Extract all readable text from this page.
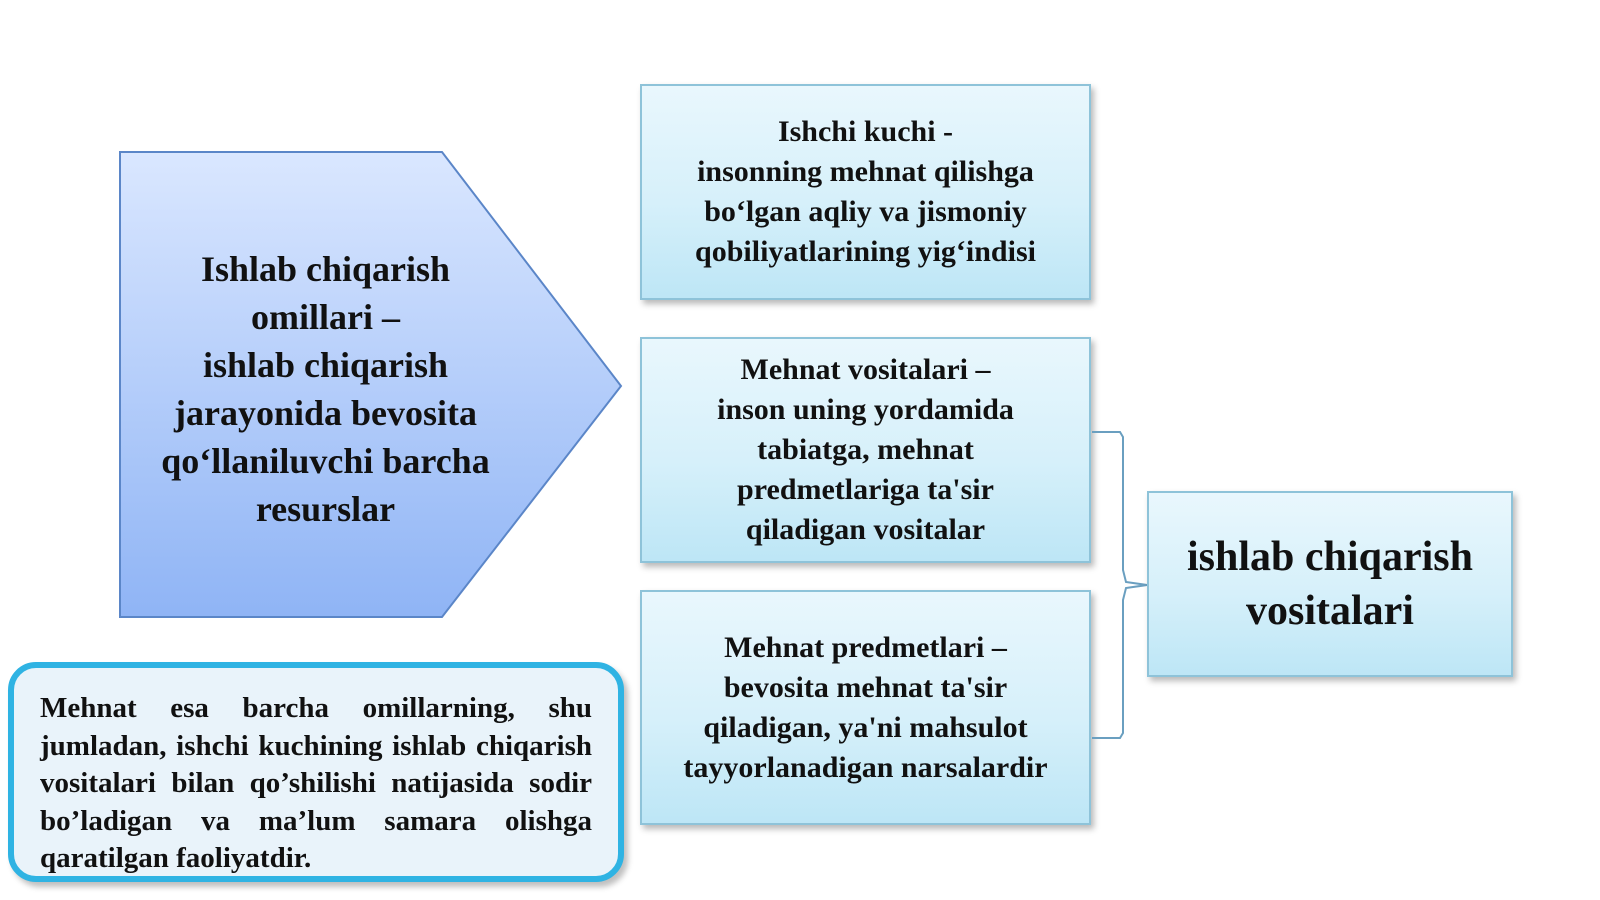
Ishlab chiqarish
omillari –
ishlab chiqarish
jarayonida bevosita
qo‘llaniluvchi barcha
resurslar
Ishchi kuchi -
insonning mehnat qilishga
bo‘lgan aqliy va jismoniy
qobiliyatlarining yig‘indisi
Mehnat vositalari –
inson uning yordamida
tabiatga, mehnat
predmetlariga ta'sir
qiladigan vositalar
Mehnat predmetlari –
bevosita mehnat ta'sir
qiladigan, ya'ni mahsulot
tayyorlanadigan narsalardir
ishlab chiqarish
vositalari
Mehnat esa barcha omillarning, shu jumladan, ishchi kuchining ishlab chiqarish vositalari bilan qo’shilishi natijasida sodir bo’ladigan va ma’lum samara olishga qaratilgan faoliyatdir.
